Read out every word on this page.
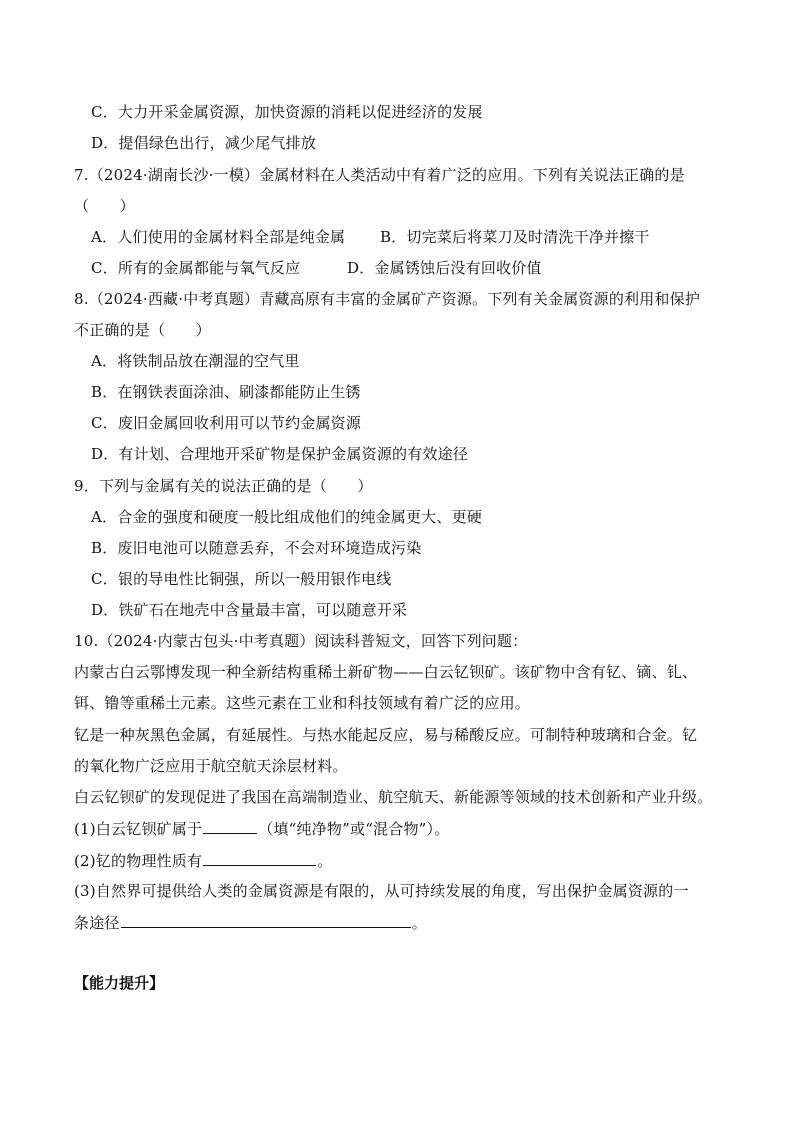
C．大力开采金属资源，加快资源的消耗以促进经济的发展
D．提倡绿色出行，减少尾气排放
7.（2024·湖南长沙·一模）金属材料在人类活动中有着广泛的应用。下列有关说法正确的是
（　　）
A．人们使用的金属材料全部是纯金属 B．切完菜后将菜刀及时清洗干净并擦干
C．所有的金属都能与氧气反应	D．金属锈蚀后没有回收价值
8.（2024·西藏·中考真题）青藏高原有丰富的金属矿产资源。下列有关金属资源的利用和保护
不正确的是（　　）
A．将铁制品放在潮湿的空气里
B．在钢铁表面涂油、刷漆都能防止生锈
C．废旧金属回收利用可以节约金属资源
D．有计划、合理地开采矿物是保护金属资源的有效途径
9．下列与金属有关的说法正确的是（　　）
A．合金的强度和硬度一般比组成他们的纯金属更大、更硬
B．废旧电池可以随意丢弃，不会对环境造成污染
C．银的导电性比铜强，所以一般用银作电线
D．铁矿石在地壳中含量最丰富，可以随意开采
10.（2024·内蒙古包头·中考真题）阅读科普短文，回答下列问题：
内蒙古白云鄂博发现一种全新结构重稀土新矿物——白云钇钡矿。该矿物中含有钇、镝、钆、
铒、镥等重稀土元素。这些元素在工业和科技领域有着广泛的应用。
钇是一种灰黑色金属，有延展性。与热水能起反应，易与稀酸反应。可制特种玻璃和合金。钇
的氧化物广泛应用于航空航天涂层材料。
白云钇钡矿的发现促进了我国在高端制造业、航空航天、新能源等领域的技术创新和产业升级。
(1)白云钇钡矿属于	（填“纯净物”或“混合物”）。
(2)钇的物理性质有	。
(3)自然界可提供给人类的金属资源是有限的，从可持续发展的角度，写出保护金属资源的一
条途径	。
【能力提升】
